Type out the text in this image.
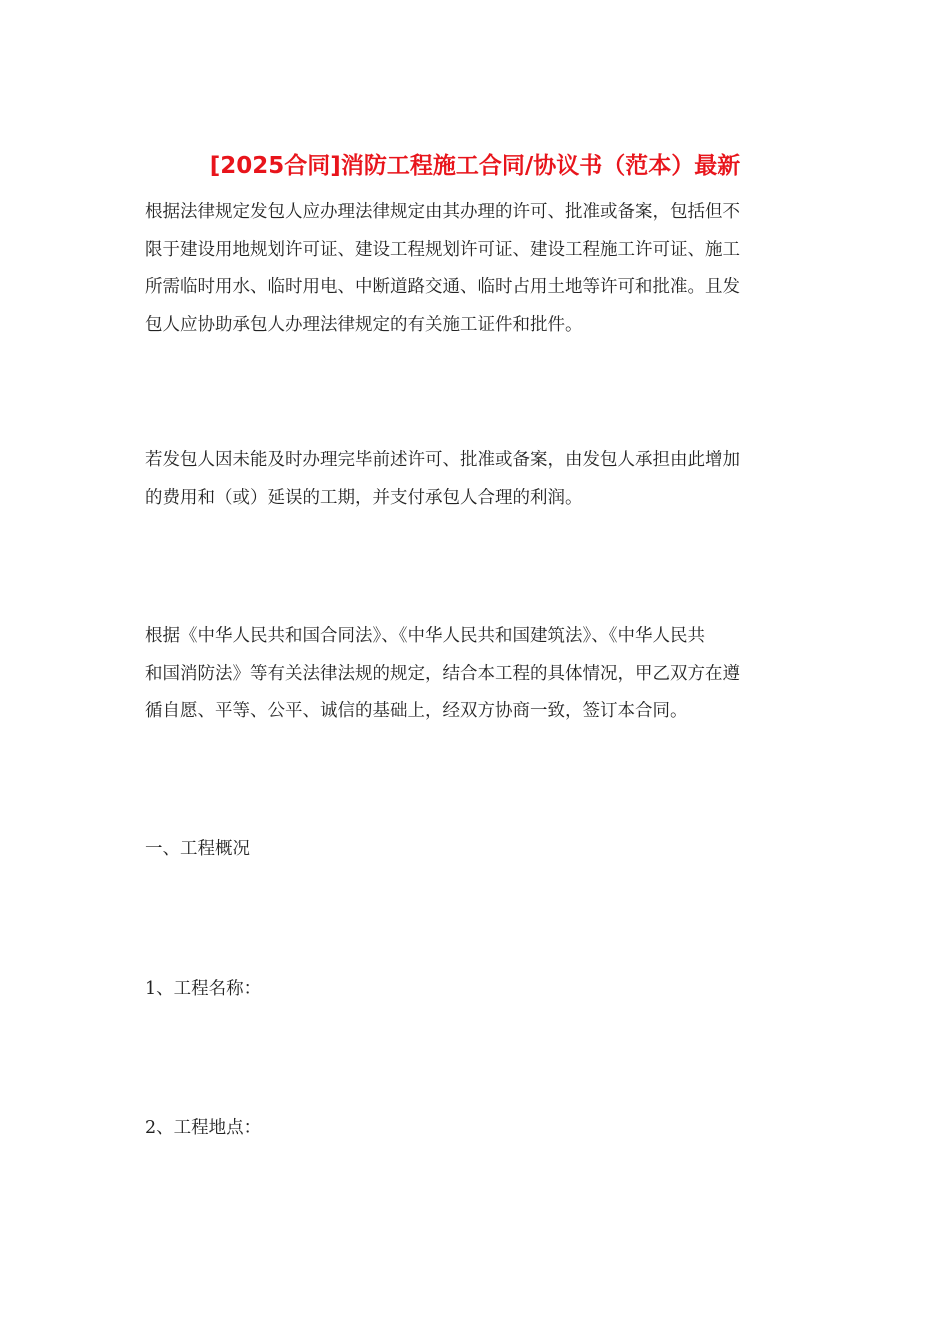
[2025合同]消防工程施工合同/协议书（范本）最新
根据法律规定发包人应办理法律规定由其办理的许可、批准或备案，包括但不
限于建设用地规划许可证、建设工程规划许可证、建设工程施工许可证、施工
所需临时用水、临时用电、中断道路交通、临时占用土地等许可和批准。且发
包人应协助承包人办理法律规定的有关施工证件和批件。
若发包人因未能及时办理完毕前述许可、批准或备案，由发包人承担由此增加
的费用和（或）延误的工期，并支付承包人合理的利润。
根据《中华人民共和国合同法》、《中华人民共和国建筑法》、《中华人民共
和国消防法》等有关法律法规的规定，结合本工程的具体情况，甲乙双方在遵
循自愿、平等、公平、诚信的基础上，经双方协商一致，签订本合同。
一、工程概况
1、工程名称：
2、工程地点：
